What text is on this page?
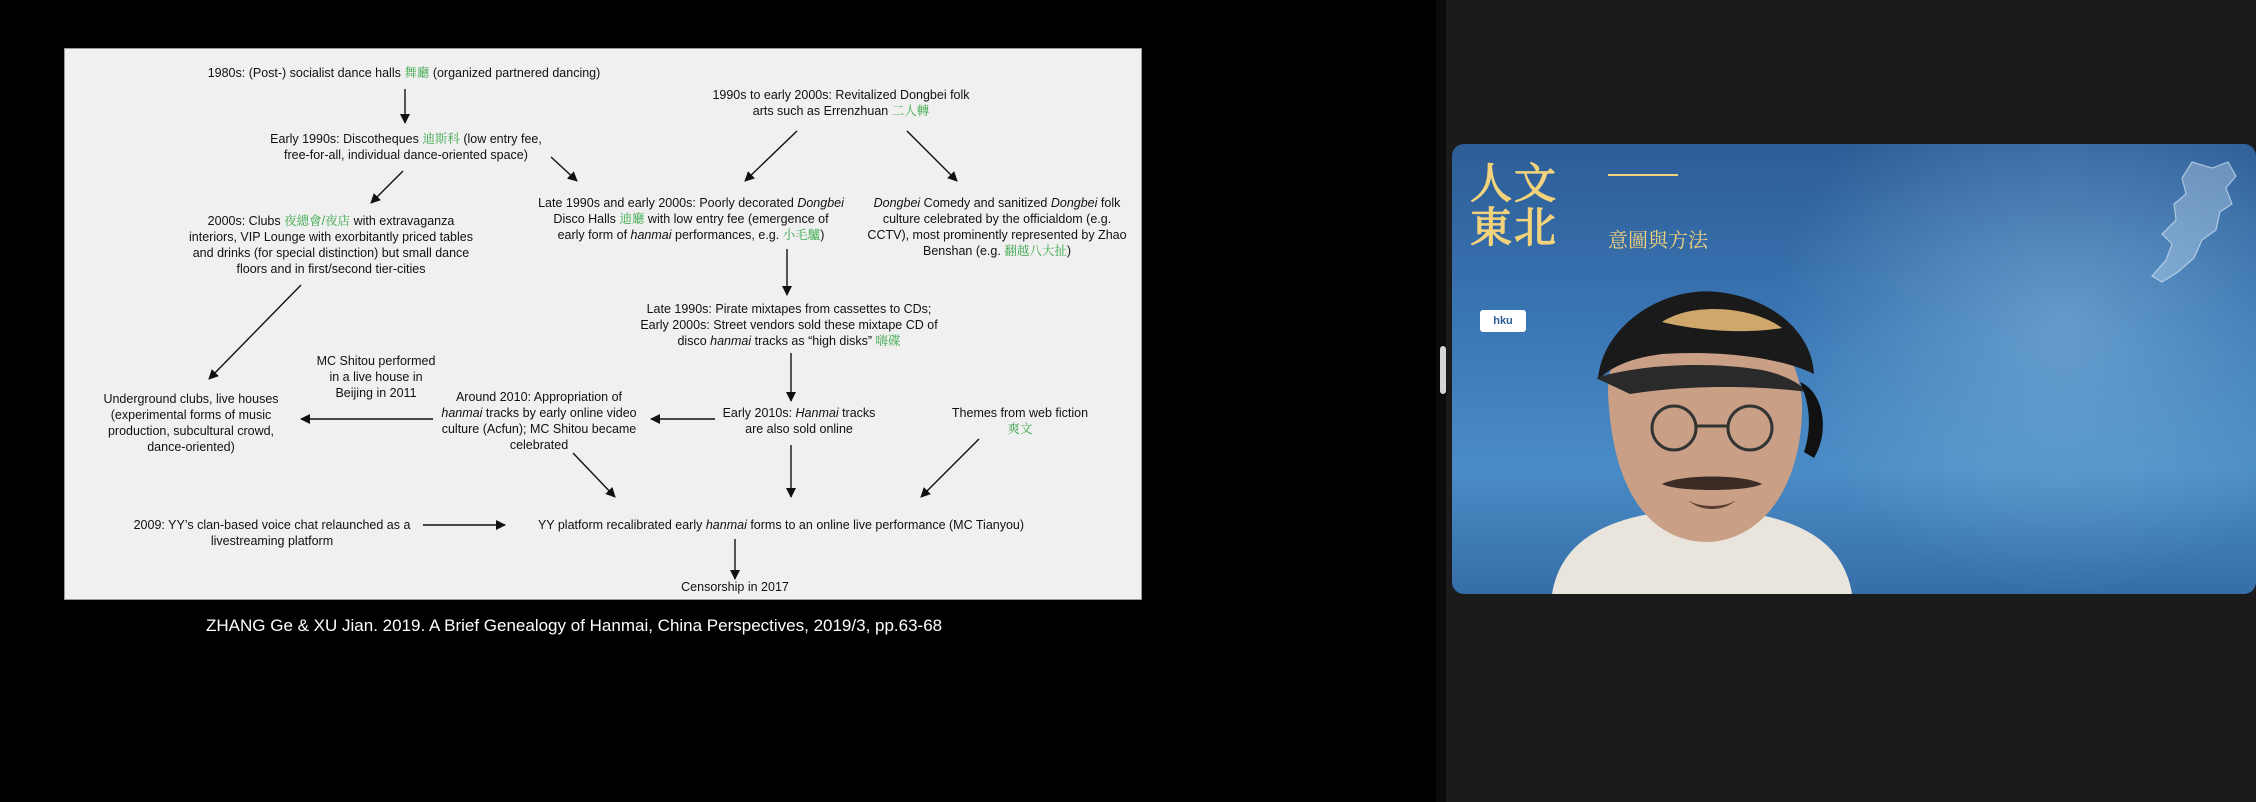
1980s: (Post-) socialist dance halls 舞廳 (organized partnered dancing)
1990s to early 2000s: Revitalized Dongbei folk
arts such as Errenzhuan 二人轉
Early 1990s: Discotheques 迪斯科 (low entry fee,
free-for-all, individual dance-oriented space)
2000s: Clubs 夜總會/夜店 with extravaganza
interiors, VIP Lounge with exorbitantly priced tables
and drinks (for special distinction) but small dance
floors and in first/second tier-cities
Late 1990s and early 2000s: Poorly decorated Dongbei
Disco Halls 迪廳 with low entry fee (emergence of
early form of hanmai performances, e.g. 小毛驢)
Dongbei Comedy and sanitized Dongbei folk
culture celebrated by the officialdom (e.g.
CCTV), most prominently represented by Zhao
Benshan (e.g. 翻越八大扯)
Late 1990s: Pirate mixtapes from cassettes to CDs;
Early 2000s: Street vendors sold these mixtape CD of
disco hanmai tracks as “high disks” 嗨碟
MC Shitou performed
in a live house in
Beijing in 2011
Underground clubs, live houses
(experimental forms of music
production, subcultural crowd,
dance-oriented)
Around 2010: Appropriation of
hanmai tracks by early online video
culture (Acfun); MC Shitou became
celebrated
Early 2010s: Hanmai tracks
are also sold online
Themes from web fiction
爽文
2009: YY’s clan-based voice chat relaunched as a
livestreaming platform
YY platform recalibrated early hanmai forms to an online live performance (MC Tianyou)
Censorship in 2017
ZHANG Ge & XU Jian. 2019. A Brief Genealogy of Hanmai, China Perspectives, 2019/3, pp.63-68
人文
東北 意圖與方法
hku
